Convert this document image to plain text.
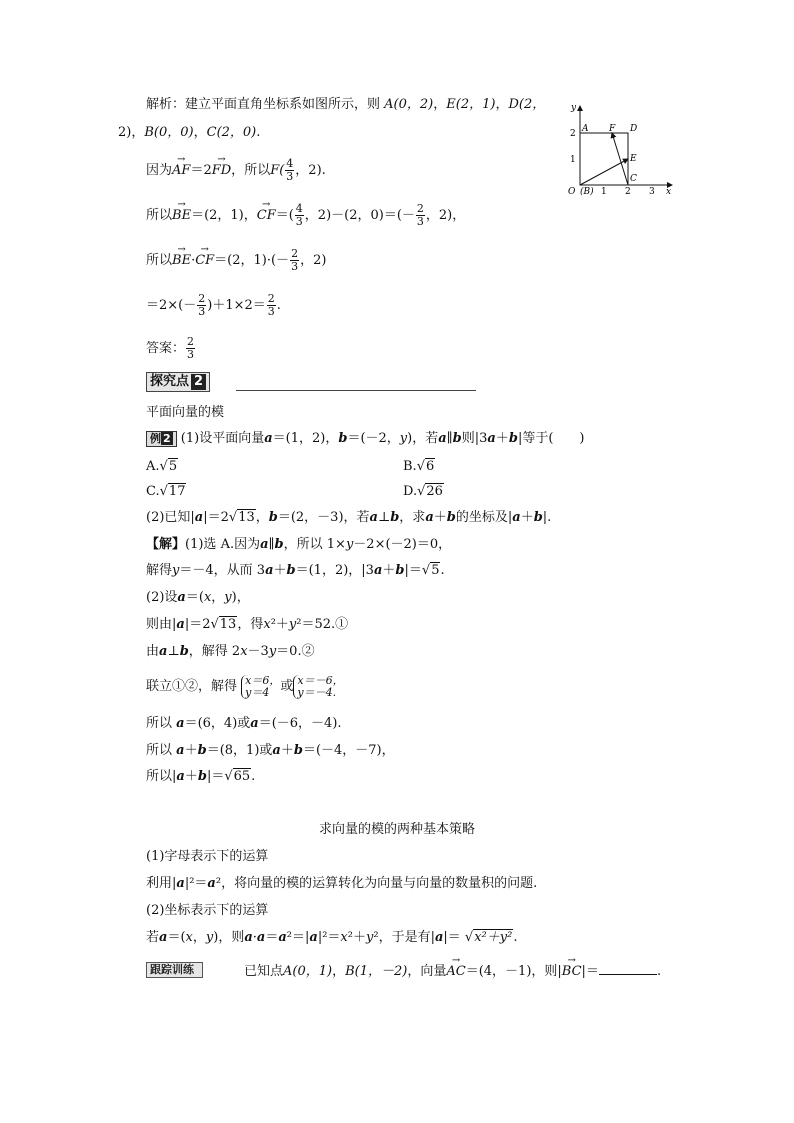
解析：建立平面直角坐标系如图所示，则 A(0，2)，E(2，1)，D(2，
2)，B(0，0)，C(2，0).
因为→ AF＝2→ FD，所以$F( \frac{4}{3}$ ，2).
所以→ BE＝(2，1)，→ $CF=( \frac{4}{3}$ ，2)－(2，$0)=(- \frac{2}{3}$ ，2)，
所以→ BE·→ CF＝(2，$1)\cdot(- \frac{2}{3}$ ，2)
$=2\times(- \frac{2}{3} )+1\times 2= \frac{2}{3}$ .
答案： $\frac{2}{3}$
y
x
O (B)
2
1
1 2 3
A F D
E
C
探究点 2
平面向量的模
例 2 (1)设平面向量a＝(1，2)，b＝(－2，y)，若a∥b则|3a＋b|等于(　　)
A.√5	B.√6
C.√17	D.√26
(2)已知|a|＝2√13，b＝(2，－3)，若a⊥b，求a＋b的坐标及|a＋b|.
【解】(1)选 A.因为a∥b，所以 1×y－2×(－2)＝0，
解得y＝－4，从而 3a＋b＝(1，2)，|3a＋b|＝√5.
(2)设a＝(x，y)，
则由|a|＝2√13，得x²＋y²＝52.①
由a⊥b，解得 2x－3y＝0.②
联立①②，解得 x＝6，
y＝4 或 x＝－6，
y＝－4.
所以 a＝(6，4)或a＝(－6，－4).
所以 a＋b＝(8，1)或a＋b＝(－4，－7)，
所以|a＋b|＝√65.
求向量的模的两种基本策略
(1)字母表示下的运算
利用|a|²＝a²，将向量的模的运算转化为向量与向量的数量积的问题.
(2)坐标表示下的运算
若a＝(x，y)，则a·a＝a²＝|a|²＝x²＋y²，于是有|a|＝ √x²＋y².
跟踪训练	已知点A(0，1)，B(1，－2)，向量→ AC＝(4，－1)，则|→ BC|＝	.
